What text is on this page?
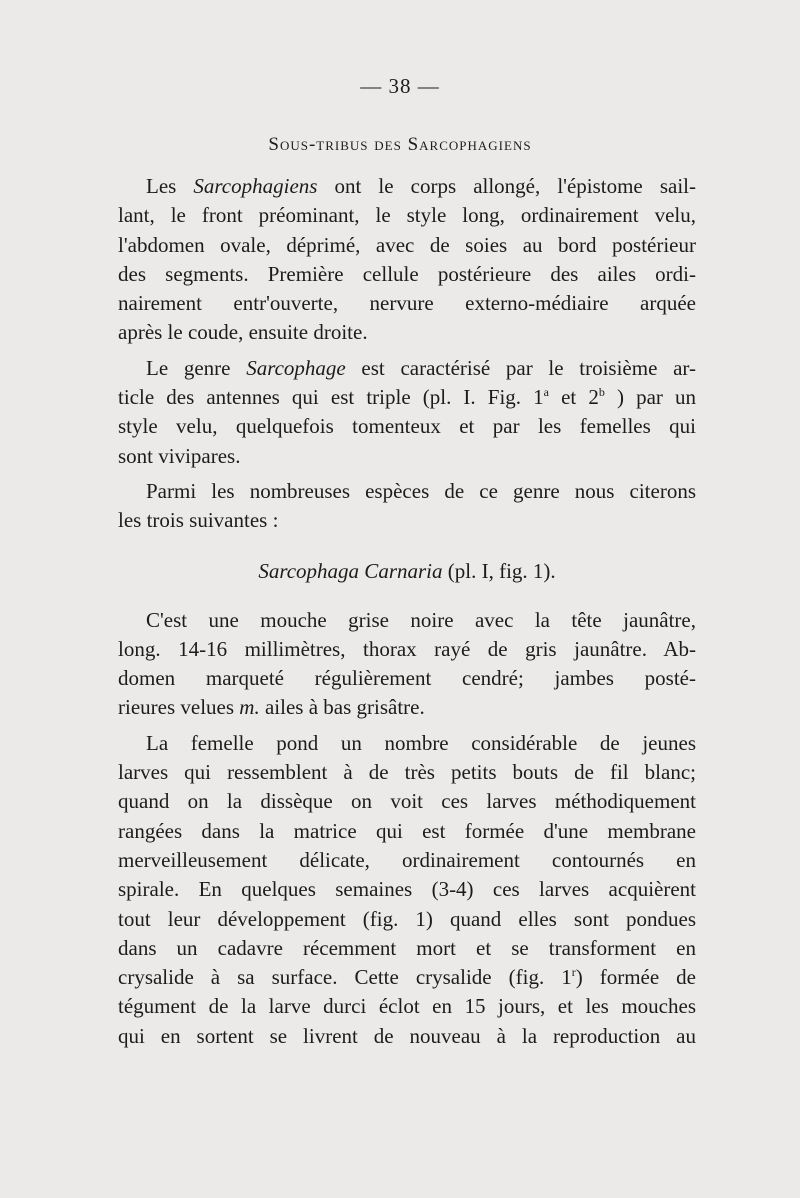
— 38 —
Sous-tribus des Sarcophagiens
Les Sarcophagiens ont le corps allongé, l'épistome sail-
lant, le front préominant, le style long, ordinairement velu,
l'abdomen ovale, déprimé, avec de soies au bord postérieur
des segments. Première cellule postérieure des ailes ordi-
nairement entr'ouverte, nervure externo-médiaire arquée
après le coude, ensuite droite.
Le genre Sarcophage est caractérisé par le troisième ar-
ticle des antennes qui est triple (pl. I. Fig. 1$^a$ et 2$^b$ ) par un
style velu, quelquefois tomenteux et par les femelles qui
sont vivipares.
Parmi les nombreuses espèces de ce genre nous citerons
les trois suivantes :
Sarcophaga Carnaria (pl. I, fig. 1).
C'est une mouche grise noire avec la tête jaunâtre,
long. 14-16 millimètres, thorax rayé de gris jaunâtre. Ab-
domen marqueté régulièrement cendré; jambes posté-
rieures velues m. ailes à bas grisâtre.
La femelle pond un nombre considérable de jeunes
larves qui ressemblent à de très petits bouts de fil blanc;
quand on la dissèque on voit ces larves méthodiquement
rangées dans la matrice qui est formée d'une membrane
merveilleusement délicate, ordinairement contournés en
spirale. En quelques semaines (3-4) ces larves acquièrent
tout leur développement (fig. 1) quand elles sont pondues
dans un cadavre récemment mort et se transforment en
crysalide à sa surface. Cette crysalide (fig. 1$^r$) formée de
tégument de la larve durci éclot en 15 jours, et les mouches
qui en sortent se livrent de nouveau à la reproduction au
